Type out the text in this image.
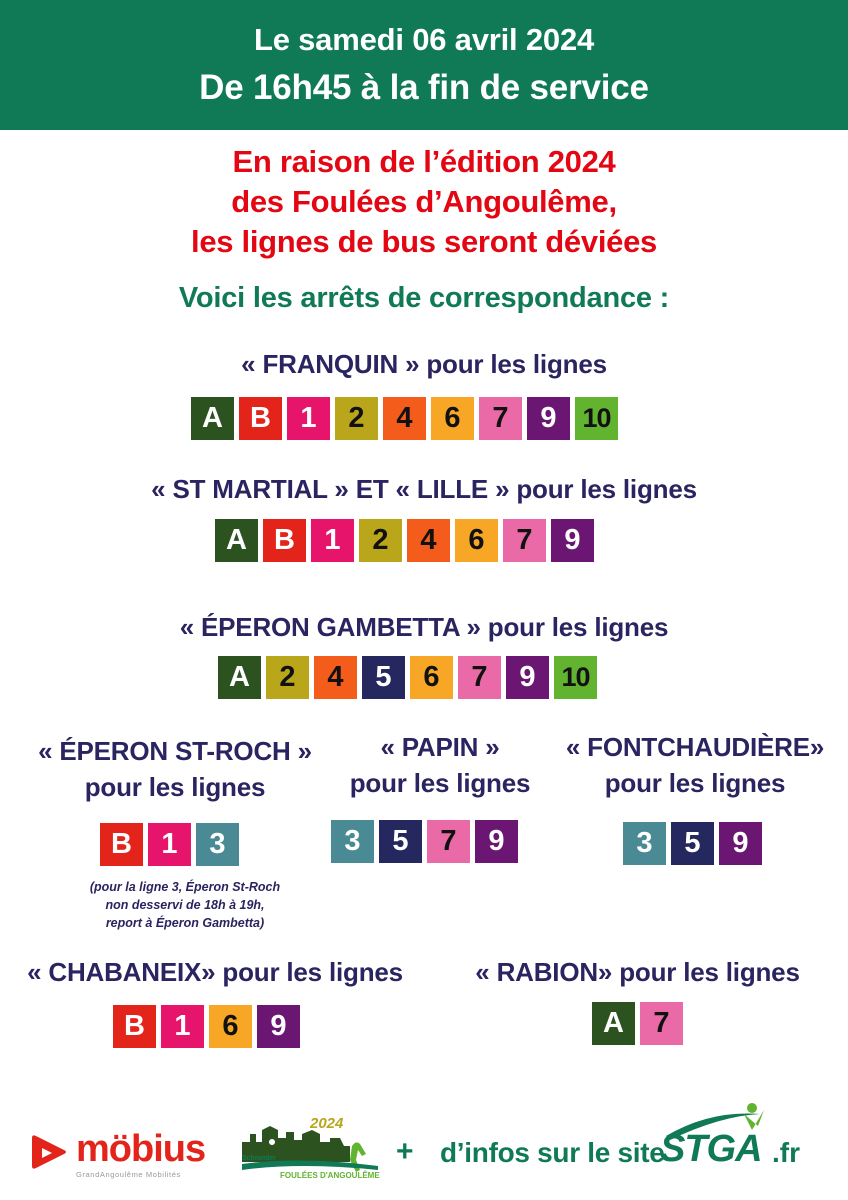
Le samedi 06 avril 2024
De 16h45 à la fin de service
En raison de l’édition 2024
des Foulées d’Angoulême,
les lignes de bus seront déviées
Voici les arrêts de correspondance :
« FRANQUIN » pour les lignes
A B	1	2	4	6	7	9 10
« ST MARTIAL » ET « LILLE » pour les lignes
A B	1	2	4	6	7	9
« ÉPERON GAMBETTA » pour les lignes
A	2	4	5	6	7	9 10
« ÉPERON ST-ROCH »
pour les lignes
B	1	3
(pour la ligne 3, Éperon St-Roch
non desservi de 18h à 19h,
report à Éperon Gambetta)
« PAPIN »
pour les lignes
3	5	7	9
« FONTCHAUDIÈRE»
pour les lignes
3	5	9
« CHABANEIX» pour les lignes
B	1	6	9
« RABION» pour les lignes
A	7
möbius
GrandAngoulême Mobilités
2024
Schneider
FOULÉES D'ANGOULÊME
+ d’infos sur le site
STGA .fr
